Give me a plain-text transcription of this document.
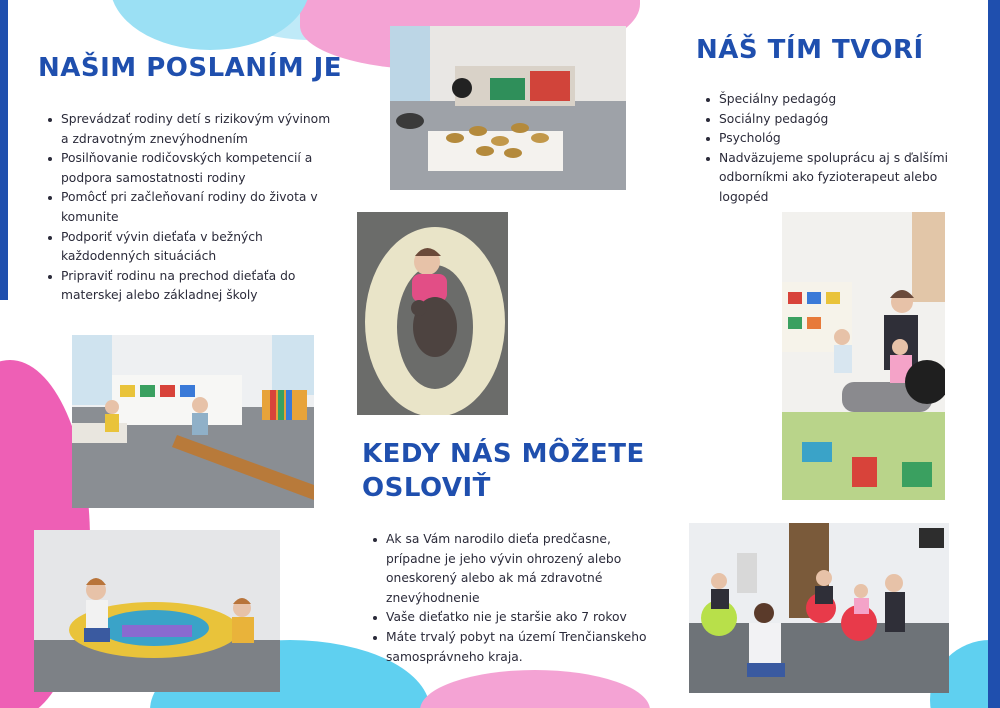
NAŠIM POSLANÍM JE
Sprevádzať rodiny detí s rizikovým vývinom a zdravotným znevýhodnením
Posilňovanie rodičovských kompetencií a podpora samostatnosti rodiny
Pomôcť pri začleňovaní rodiny do života v komunite
Podporiť vývin dieťaťa v bežných každodenných situáciách
Pripraviť rodinu na prechod dieťaťa do materskej alebo základnej školy
NÁŠ TÍM TVORÍ
Špeciálny pedagóg
Sociálny pedagóg
Psychológ
Nadväzujeme spoluprácu aj s ďalšími odborníkmi ako fyzioterapeut alebo logopéd
KEDY NÁS MÔŽETE
OSLOVIŤ
Ak sa Vám narodilo dieťa predčasne, prípadne je jeho vývin ohrozený alebo oneskorený alebo ak má zdravotné znevýhodnenie
Vaše dieťatko nie je staršie ako 7 rokov
Máte trvalý pobyt na území Trenčianskeho samosprávneho kraja.
